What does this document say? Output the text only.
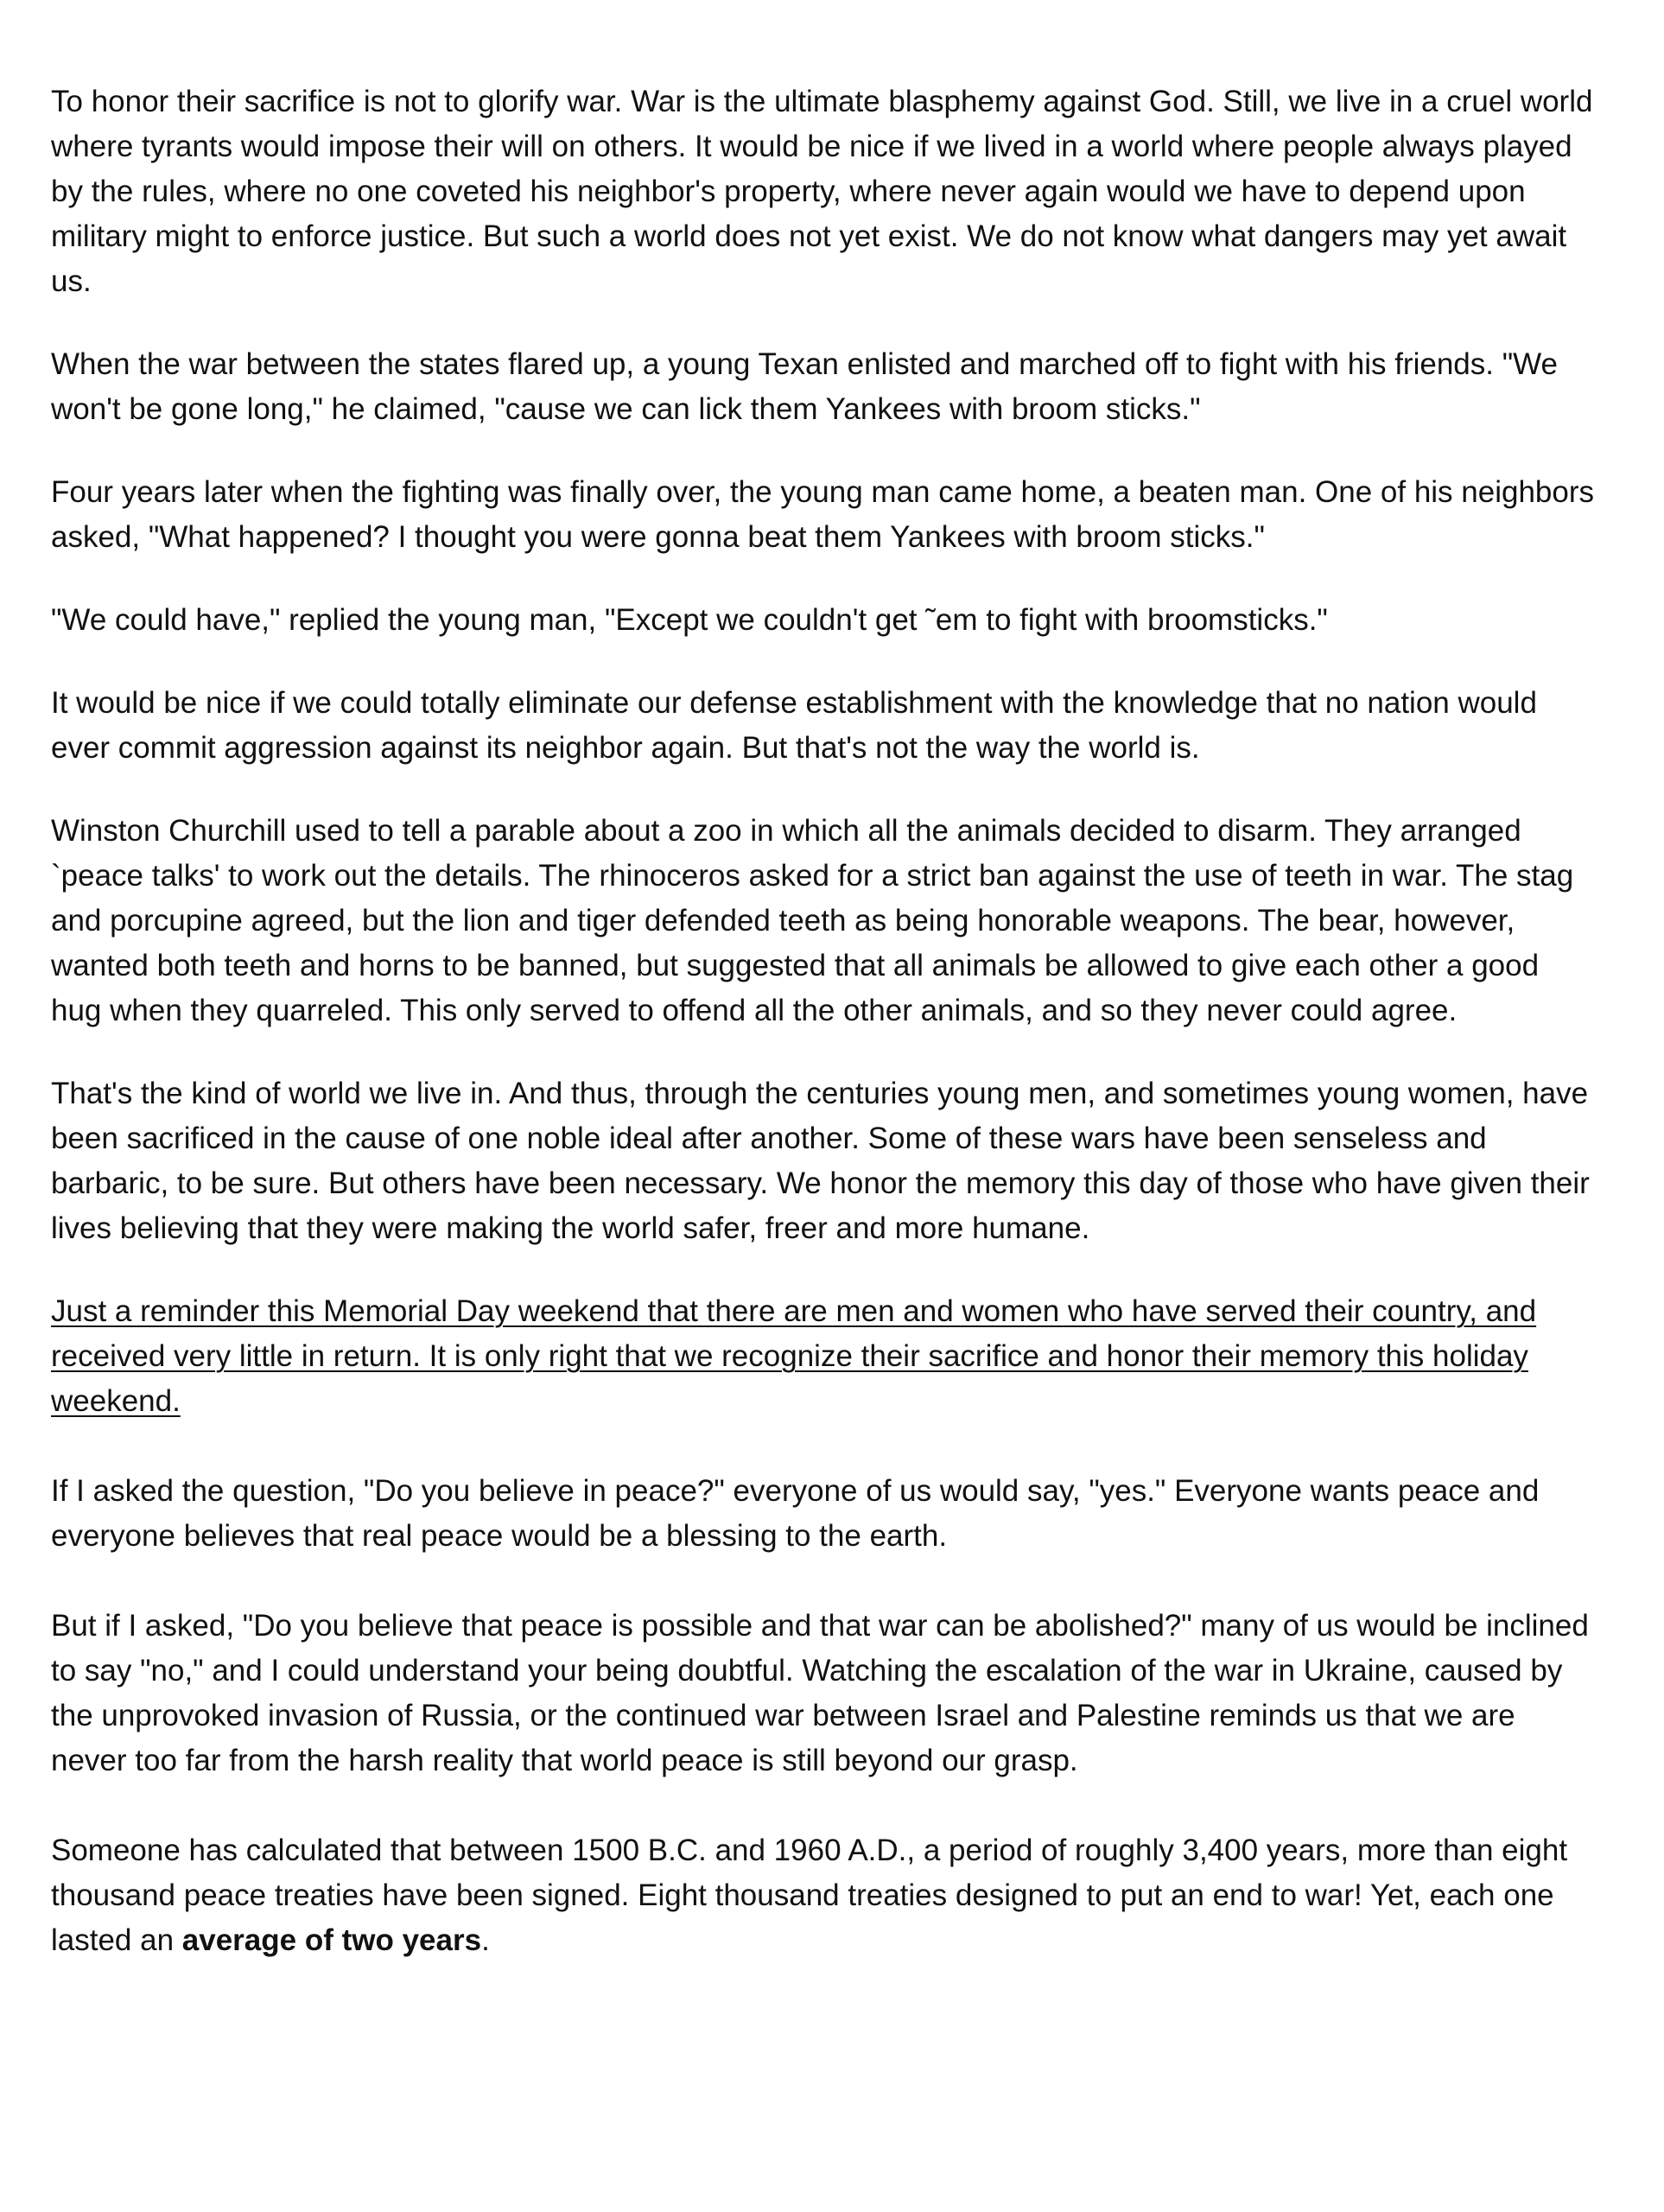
To honor their sacrifice is not to glorify war. War is the ultimate blasphemy against God. Still, we live in a cruel world where tyrants would impose their will on others. It would be nice if we lived in a world where people always played by the rules, where no one coveted his neighbor's property, where never again would we have to depend upon military might to enforce justice. But such a world does not yet exist. We do not know what dangers may yet await us.

When the war between the states flared up, a young Texan enlisted and marched off to fight with his friends. "We won't be gone long," he claimed, "cause we can lick them Yankees with broom sticks."

Four years later when the fighting was finally over, the young man came home, a beaten man. One of his neighbors asked, "What happened? I thought you were gonna beat them Yankees with broom sticks."

"We could have," replied the young man, "Except we couldn't get ˜em to fight with broomsticks."

It would be nice if we could totally eliminate our defense establishment with the knowledge that no nation would ever commit aggression against its neighbor again. But that's not the way the world is.

Winston Churchill used to tell a parable about a zoo in which all the animals decided to disarm. They arranged `peace talks' to work out the details. The rhinoceros asked for a strict ban against the use of teeth in war. The stag and porcupine agreed, but the lion and tiger defended teeth as being honorable weapons. The bear, however, wanted both teeth and horns to be banned, but suggested that all animals be allowed to give each other a good hug when they quarreled. This only served to offend all the other animals, and so they never could agree.

That's the kind of world we live in. And thus, through the centuries young men, and sometimes young women, have been sacrificed in the cause of one noble ideal after another. Some of these wars have been senseless and barbaric, to be sure. But others have been necessary. We honor the memory this day of those who have given their lives believing that they were making the world safer, freer and more humane.

Just a reminder this Memorial Day weekend that there are men and women who have served their country, and received very little in return. It is only right that we recognize their sacrifice and honor their memory this holiday weekend.

If I asked the question, "Do you believe in peace?" everyone of us would say, "yes." Everyone wants peace and everyone believes that real peace would be a blessing to the earth.

But if I asked, "Do you believe that peace is possible and that war can be abolished?" many of us would be inclined to say "no," and I could understand your being doubtful. Watching the escalation of the war in Ukraine, caused by the unprovoked invasion of Russia, or the continued war between Israel and Palestine reminds us that we are never too far from the harsh reality that world peace is still beyond our grasp.

Someone has calculated that between 1500 B.C. and 1960 A.D., a period of roughly 3,400 years, more than eight thousand peace treaties have been signed. Eight thousand treaties designed to put an end to war! Yet, each one lasted an average of two years.
